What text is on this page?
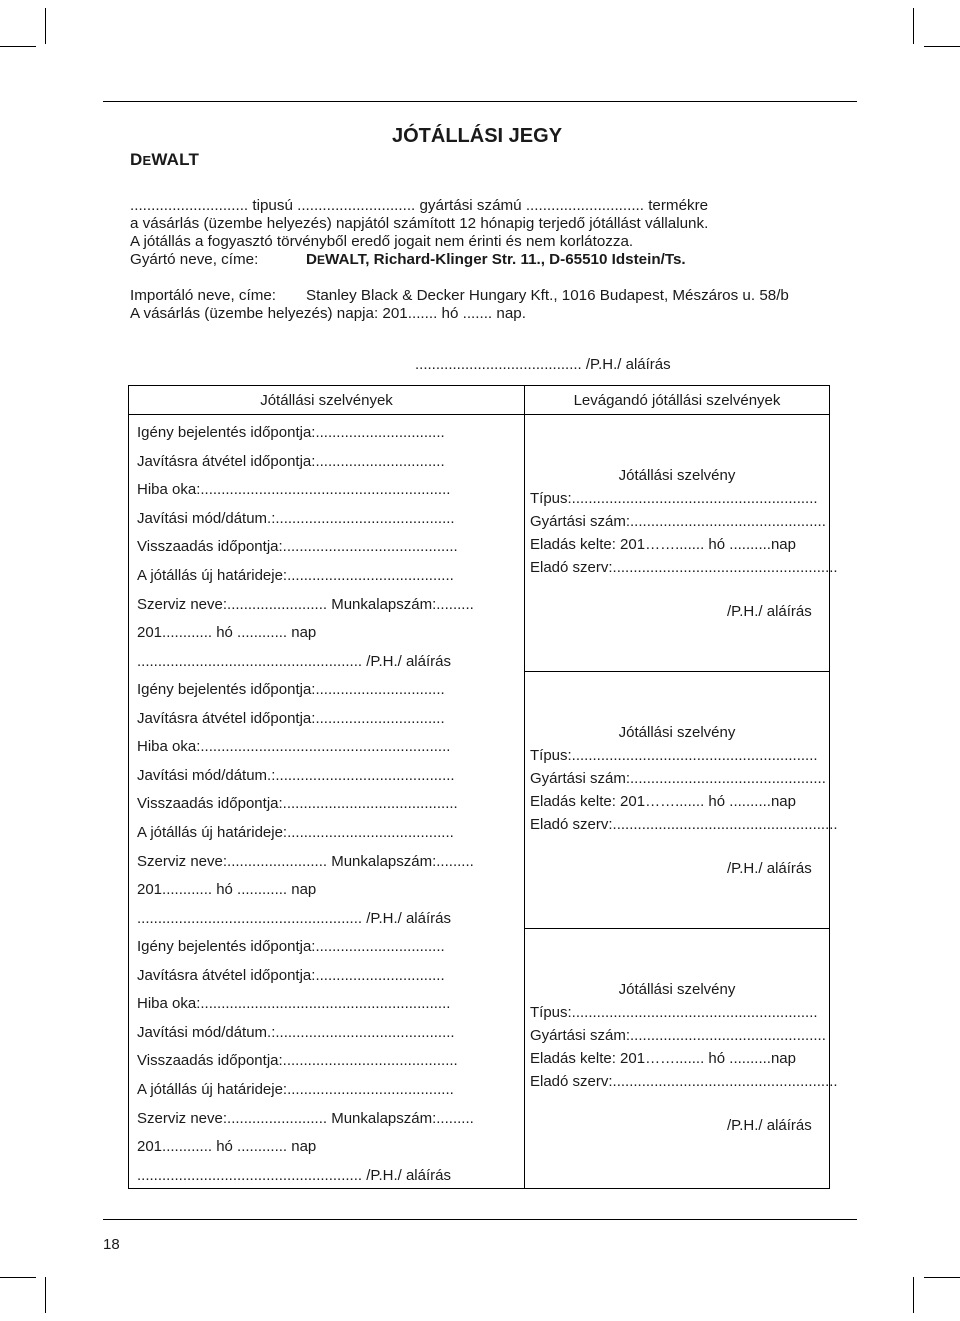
JÓTÁLLÁSI JEGY
DEWALT
............................ tipusú ............................ gyártási számú ............................ termékre
a vásárlás (üzembe helyezés) napjától számított 12 hónapig terjedő jótállást vállalunk.
A jótállás a fogyasztó törvényből eredő jogait nem érinti és nem korlátozza.
Gyártó neve, címe:	DEWALT, Richard-Klinger Str. 11., D-65510 Idstein/Ts.
Importáló neve, címe: Stanley Black & Decker Hungary Kft., 1016 Budapest, Mészáros u. 58/b
A vásárlás (üzembe helyezés) napja: 201....... hó ....... nap.
........................................ /P.H./ aláírás
Jótállási szelvények
Igény bejelentés időpontja:...............................
Javításra átvétel időpontja:...............................
Hiba oka:............................................................
Javítási mód/dátum.:...........................................
Visszaadás időpontja:..........................................
A jótállás új határideje:........................................
Szerviz neve:........................ Munkalapszám:.........
201............ hó ............ nap
...................................................... /P.H./ aláírás
Igény bejelentés időpontja:...............................
Javításra átvétel időpontja:...............................
Hiba oka:............................................................
Javítási mód/dátum.:...........................................
Visszaadás időpontja:..........................................
A jótállás új határideje:........................................
Szerviz neve:........................ Munkalapszám:.........
201............ hó ............ nap
...................................................... /P.H./ aláírás
Igény bejelentés időpontja:...............................
Javításra átvétel időpontja:...............................
Hiba oka:............................................................
Javítási mód/dátum.:...........................................
Visszaadás időpontja:..........................................
A jótállás új határideje:........................................
Szerviz neve:........................ Munkalapszám:.........
201............ hó ............ nap
...................................................... /P.H./ aláírás
Levágandó jótállási szelvények
Jótállási szelvény
Típus:...........................................................
Gyártási szám:...............................................
Eladás kelte: 201……....... hó ..........nap
Eladó szerv:......................................................
/P.H./ aláírás
Jótállási szelvény
Típus:...........................................................
Gyártási szám:...............................................
Eladás kelte: 201……....... hó ..........nap
Eladó szerv:......................................................
/P.H./ aláírás
Jótállási szelvény
Típus:...........................................................
Gyártási szám:...............................................
Eladás kelte: 201……....... hó ..........nap
Eladó szerv:......................................................
/P.H./ aláírás
18
